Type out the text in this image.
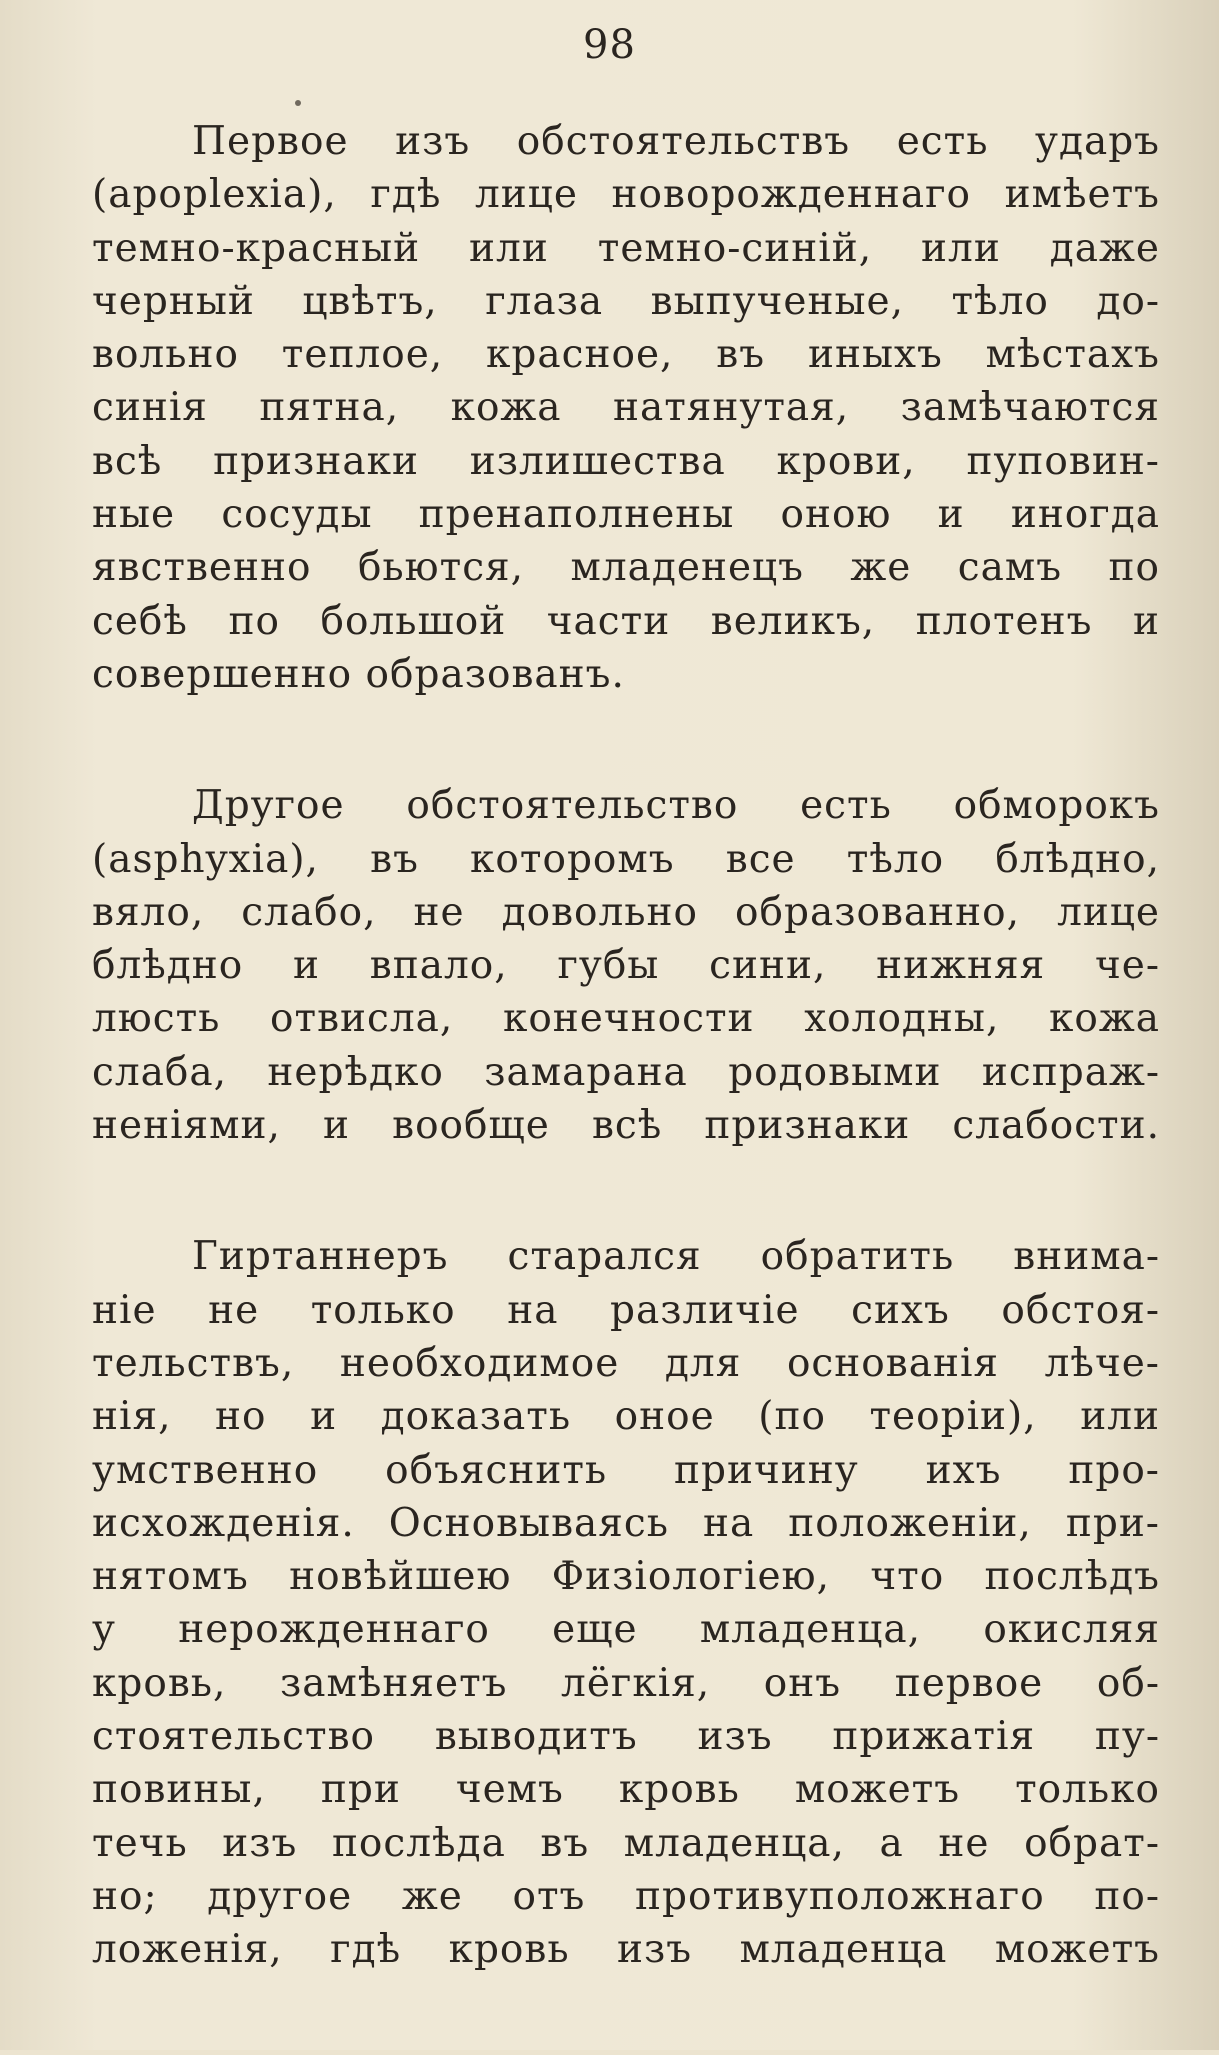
98

Первое изъ обстоятельствъ есть ударъ
(apoplexia), гдѣ лице новорожденнаго имѣетъ
темно-красный или темно-синій, или даже
черный цвѣтъ, глаза выпученые, тѣло до-
вольно теплое, красное, въ иныхъ мѣстахъ
синія пятна, кожа натянутая, замѣчаются
всѣ признаки излишества крови, пуповин-
ные сосуды пренаполнены оною и иногда
явственно бьются, младенецъ же самъ по
себѣ по большой части великъ, плотенъ и
совершенно образованъ.

Другое обстоятельство есть обморокъ
(asphyxia), въ которомъ все тѣло блѣдно,
вяло, слабо, не довольно образованно, лице
блѣдно и впало, губы сини, нижняя че-
люсть отвисла, конечности холодны, кожа
слаба, нерѣдко замарана родовыми испраж-
неніями, и вообще всѣ признаки слабости.

Гиртаннеръ старался обратить внима-
ніе не только на различіе сихъ обстоя-
тельствъ, необходимое для основанія лѣче-
нія, но и доказать оное (по теоріи), или
умственно объяснить причину ихъ про-
исхожденія. Основываясь на положеніи, при-
нятомъ новѣйшею Физіологіею, что послѣдъ
у нерожденнаго еще младенца, окисляя
кровь, замѣняетъ лёгкія, онъ первое об-
стоятельство выводитъ изъ прижатія пу-
повины, при чемъ кровь можетъ только
течь изъ послѣда въ младенца, а не обрат-
но; другое же отъ противуположнаго по-
ложенія, гдѣ кровь изъ младенца можетъ
